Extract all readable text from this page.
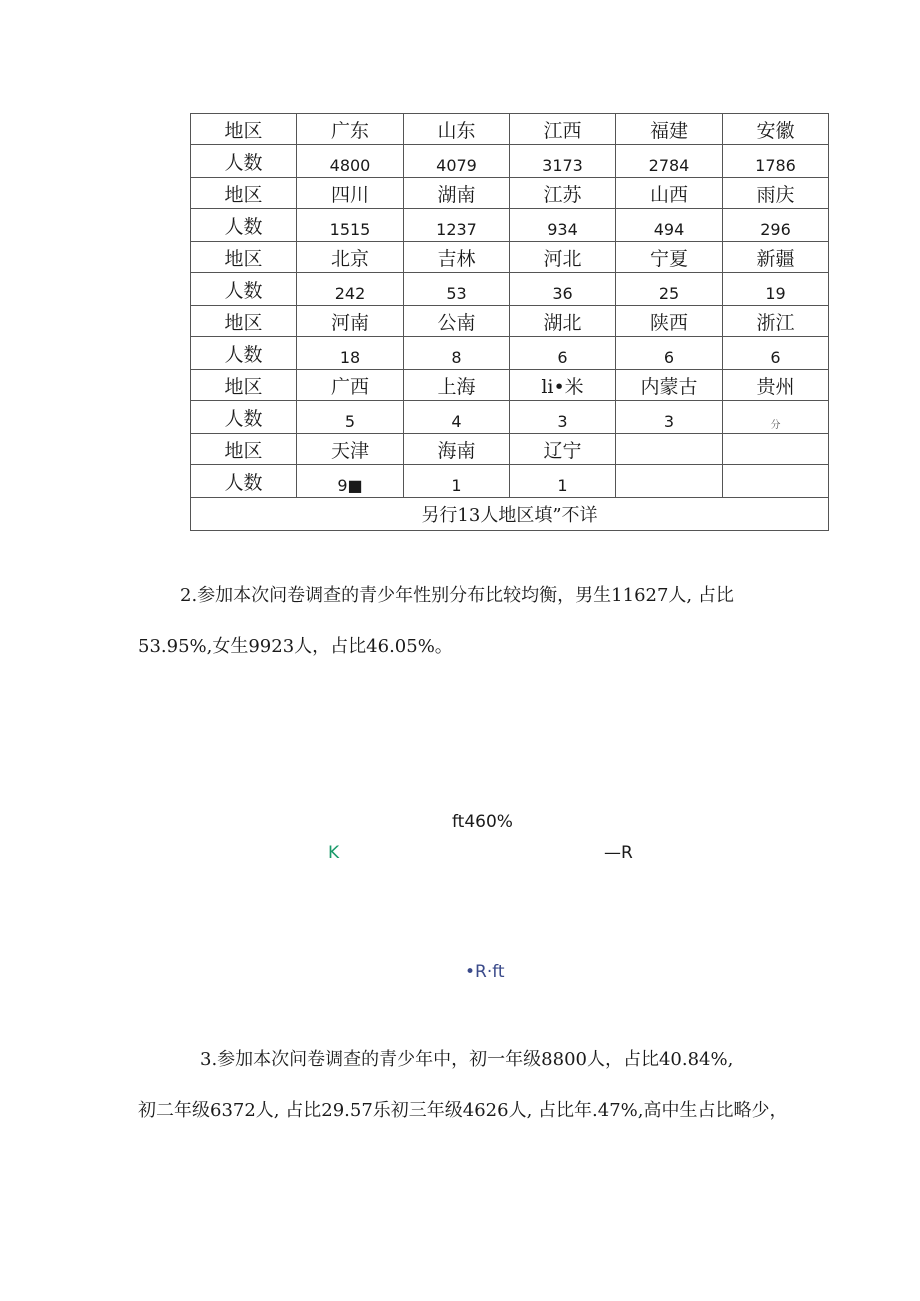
地区	广东	山东	江西	福建	安徽
人数	4800	4079	3173	2784	1786
地区	四川	湖南	江苏	山西	雨庆
人数	1515	1237	934	494	296
地区	北京	吉林	河北	宁夏	新疆
人数	242	53	36	25	19
地区	河南	公南	湖北	陕西	浙江
人数	18	8	6	6	6
地区	广西	上海	li•米	内蒙古	贵州
人数	5	4	3	3	分
地区	天津	海南	辽宁		
人数	9■	1	1		
另行13人地区填”不详					

2.参加本次问卷调查的青少年性别分布比较均衡，男生11627人, 占比

53.95%,女生9923人，占比46.05%。

ft460%

K	—R

•R·ft

3.参加本次问卷调查的青少年中，初一年级8800人，占比40.84%,

初二年级6372人, 占比29.57乐初三年级4626人, 占比年.47%,高中生占比略少，
